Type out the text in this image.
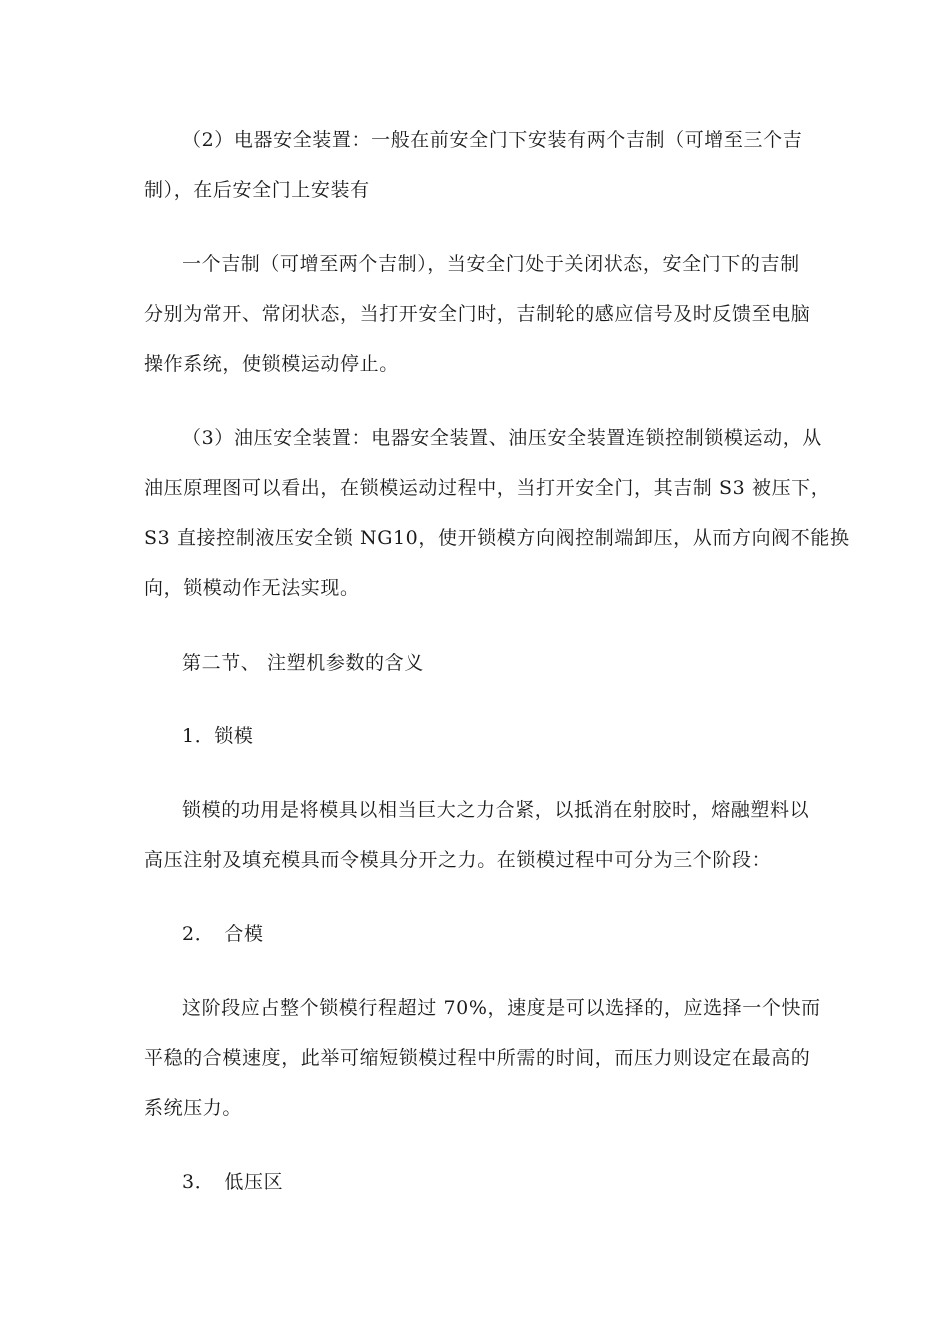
（2）电器安全装置：一般在前安全门下安装有两个吉制（可增至三个吉
制），在后安全门上安装有
一个吉制（可增至两个吉制），当安全门处于关闭状态，安全门下的吉制
分别为常开、常闭状态，当打开安全门时，吉制轮的感应信号及时反馈至电脑
操作系统，使锁模运动停止。
（3）油压安全装置：电器安全装置、油压安全装置连锁控制锁模运动，从
油压原理图可以看出，在锁模运动过程中，当打开安全门，其吉制 S3 被压下，
S3 直接控制液压安全锁 NG10，使开锁模方向阀控制端卸压，从而方向阀不能换
向，锁模动作无法实现。
第二节、 注塑机参数的含义
1．锁模
锁模的功用是将模具以相当巨大之力合紧，以抵消在射胶时，熔融塑料以
高压注射及填充模具而令模具分开之力。在锁模过程中可分为三个阶段：
2．　合模
这阶段应占整个锁模行程超过 70%，速度是可以选择的，应选择一个快而
平稳的合模速度，此举可缩短锁模过程中所需的时间，而压力则设定在最高的
系统压力。
3．　低压区
